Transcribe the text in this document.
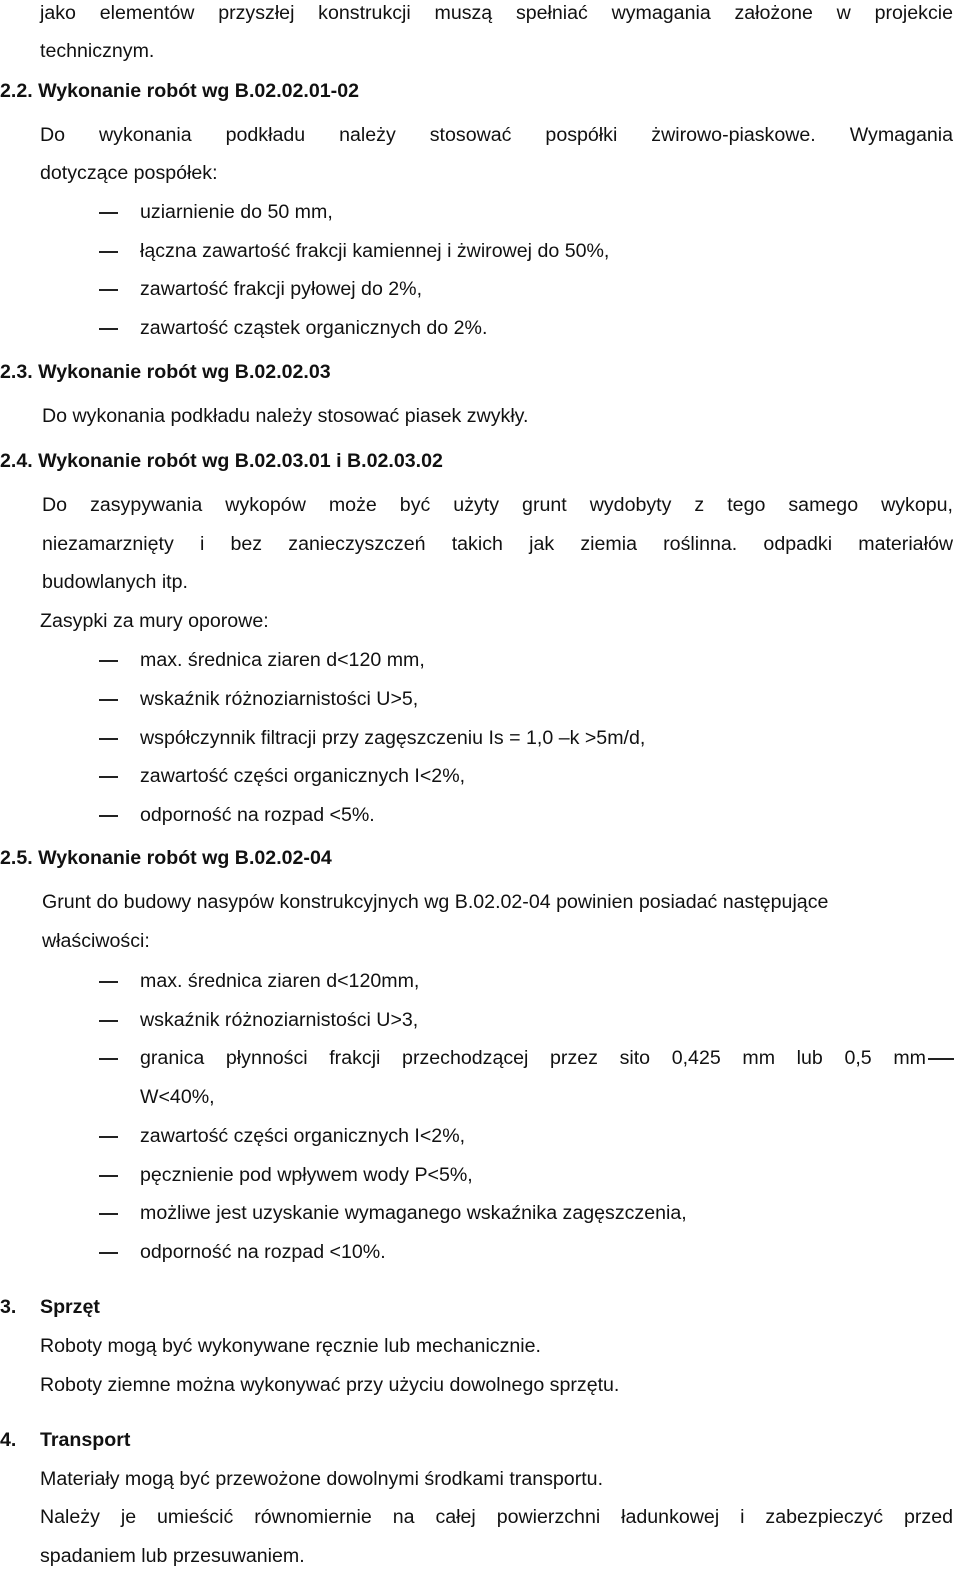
jako elementów przyszłej konstrukcji muszą spełniać wymagania założone w projekcie
technicznym.
2.2. Wykonanie robót wg B.02.02.01-02
Do wykonania podkładu należy stosować pospółki żwirowo-piaskowe. Wymagania
dotyczące pospółek:
uziarnienie do 50 mm,
łączna zawartość frakcji kamiennej i żwirowej do 50%,
zawartość frakcji pyłowej do 2%,
zawartość cząstek organicznych do 2%.
2.3. Wykonanie robót wg B.02.02.03
Do wykonania podkładu należy stosować piasek zwykły.
2.4. Wykonanie robót wg B.02.03.01 i B.02.03.02
Do zasypywania wykopów może być użyty grunt wydobyty z tego samego wykopu,
niezamarznięty i bez zanieczyszczeń takich jak ziemia roślinna. odpadki materiałów
budowlanych itp.
Zasypki za mury oporowe:
max. średnica ziaren d<120 mm,
wskaźnik różnoziarnistości U>5,
współczynnik filtracji przy zagęszczeniu Is = 1,0 –k >5m/d,
zawartość części organicznych I<2%,
odporność na rozpad <5%.
2.5. Wykonanie robót wg B.02.02-04
Grunt do budowy nasypów konstrukcyjnych wg B.02.02-04 powinien posiadać następujące
właściwości:
max. średnica ziaren d<120mm,
wskaźnik różnoziarnistości U>3,
granica płynności frakcji przechodzącej przez sito 0,425 mm lub 0,5 mm
W<40%,
zawartość części organicznych I<2%,
pęcznienie pod wpływem wody P<5%,
możliwe jest uzyskanie wymaganego wskaźnika zagęszczenia,
odporność na rozpad <10%.
3. Sprzęt
Roboty mogą być wykonywane ręcznie lub mechanicznie.
Roboty ziemne można wykonywać przy użyciu dowolnego sprzętu.
4. Transport
Materiały mogą być przewożone dowolnymi środkami transportu.
Należy je umieścić równomiernie na całej powierzchni ładunkowej i zabezpieczyć przed
spadaniem lub przesuwaniem.
